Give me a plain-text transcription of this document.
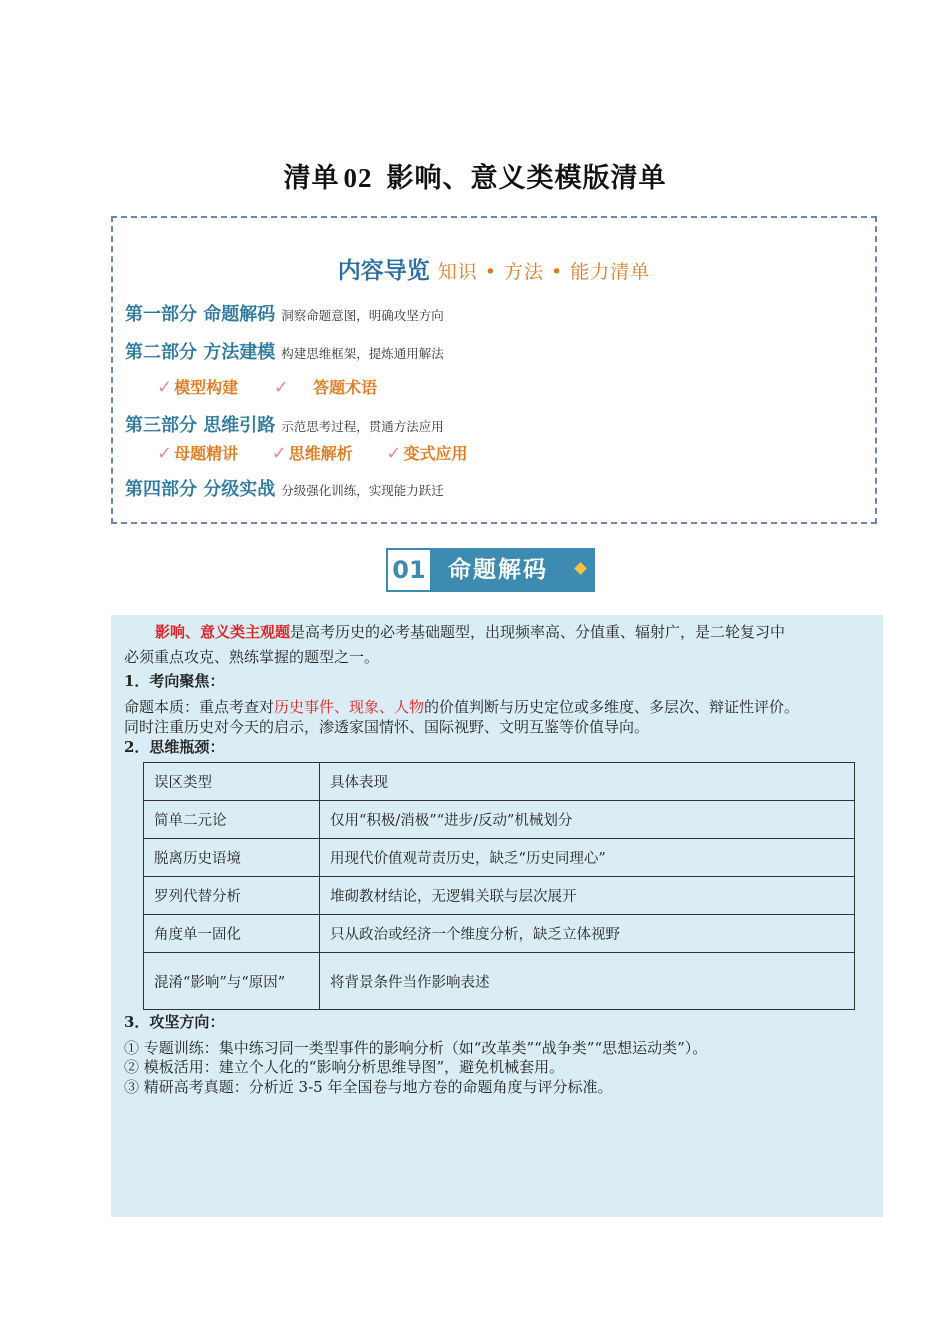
清单 02 影响、意义类模版清单
内容导览 知识 • 方法 • 能力清单
第一部分 命题解码 洞察命题意图，明确攻坚方向
第二部分 方法建模 构建思维框架，提炼通用解法
✓ 模型构建 ✓ 答题术语
第三部分 思维引路 示范思考过程，贯通方法应用
✓ 母题精讲 ✓ 思维解析 ✓ 变式应用
第四部分 分级实战 分级强化训练，实现能力跃迁
01 命题解码
影响、意义类主观题是高考历史的必考基础题型，出现频率高、分值重、辐射广，是二轮复习中
必须重点攻克、熟练掌握的题型之一。
1．考向聚焦：
命题本质：重点考查对历史事件、现象、人物的价值判断与历史定位或多维度、多层次、辩证性评价。
同时注重历史对今天的启示，渗透家国情怀、国际视野、文明互鉴等价值导向。
2．思维瓶颈：
误区类型	具体表现
简单二元论	仅用“积极/消极”“进步/反动”机械划分
脱离历史语境	用现代价值观苛责历史，缺乏“历史同理心”
罗列代替分析	堆砌教材结论，无逻辑关联与层次展开
角度单一固化	只从政治或经济一个维度分析，缺乏立体视野
混淆“影响”与“原因”	将背景条件当作影响表述
3．攻坚方向：
① 专题训练：集中练习同一类型事件的影响分析（如“改革类”“战争类”“思想运动类”）。
② 模板活用：建立个人化的“影响分析思维导图”，避免机械套用。
③ 精研高考真题：分析近 3-5 年全国卷与地方卷的命题角度与评分标准。
